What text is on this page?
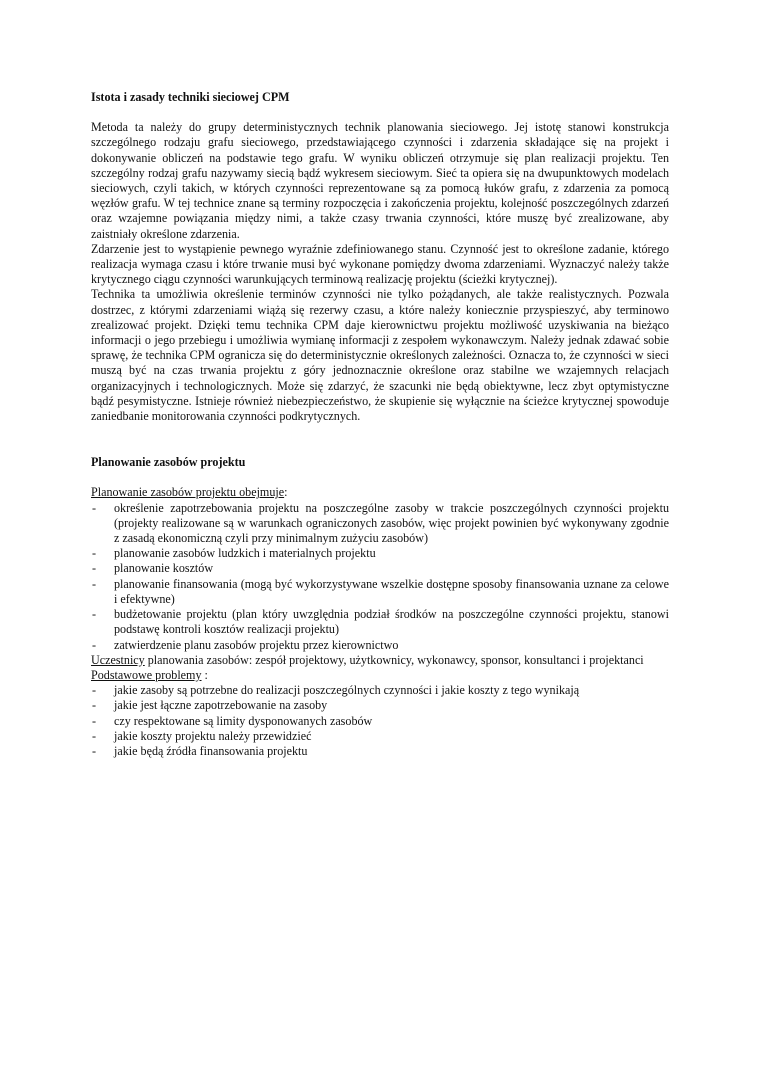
Istota i zasady techniki sieciowej CPM

Metoda ta należy do grupy deterministycznych technik planowania sieciowego. Jej istotę stanowi konstrukcja szczególnego rodzaju grafu sieciowego, przedstawiającego czynności i zdarzenia składające się na projekt i dokonywanie obliczeń na podstawie tego grafu. W wyniku obliczeń otrzymuje się plan realizacji projektu. Ten szczególny rodzaj grafu nazywamy siecią bądź wykresem sieciowym. Sieć ta opiera się na dwupunktowych modelach sieciowych, czyli takich, w których czynności reprezentowane są za pomocą łuków grafu, z zdarzenia za pomocą węzłów grafu. W tej technice znane są terminy rozpoczęcia i zakończenia projektu, kolejność poszczególnych zdarzeń oraz wzajemne powiązania między nimi, a także czasy trwania czynności, które muszę być zrealizowane, aby zaistniały określone zdarzenia.

Zdarzenie jest to wystąpienie pewnego wyraźnie zdefiniowanego stanu. Czynność jest to określone zadanie, którego realizacja wymaga czasu i które trwanie musi być wykonane pomiędzy dwoma zdarzeniami. Wyznaczyć należy także krytycznego ciągu czynności warunkujących terminową realizację projektu (ścieżki krytycznej).

Technika ta umożliwia określenie terminów czynności nie tylko pożądanych, ale także realistycznych. Pozwala dostrzec, z którymi zdarzeniami wiążą się rezerwy czasu, a które należy koniecznie przyspieszyć, aby terminowo zrealizować projekt. Dzięki temu technika CPM daje kierownictwu projektu możliwość uzyskiwania na bieżąco informacji o jego przebiegu i umożliwia wymianę informacji z zespołem wykonawczym. Należy jednak zdawać sobie sprawę, że technika CPM ogranicza się do deterministycznie określonych zależności. Oznacza to, że czynności w sieci muszą być na czas trwania projektu z góry jednoznacznie określone oraz stabilne we wzajemnych relacjach organizacyjnych i technologicznych. Może się zdarzyć, że szacunki nie będą obiektywne, lecz zbyt optymistyczne bądź pesymistyczne. Istnieje również niebezpieczeństwo, że skupienie się wyłącznie na ścieżce krytycznej spowoduje zaniedbanie monitorowania czynności podkrytycznych.

Planowanie zasobów projektu

Planowanie zasobów projektu obejmuje:

- określenie zapotrzebowania projektu na poszczególne zasoby w trakcie poszczególnych czynności projektu (projekty realizowane są w warunkach ograniczonych zasobów, więc projekt powinien być wykonywany zgodnie z zasadą ekonomiczną czyli przy minimalnym zużyciu zasobów)
- planowanie zasobów ludzkich i materialnych projektu
- planowanie kosztów
- planowanie finansowania (mogą być wykorzystywane wszelkie dostępne sposoby finansowania uznane za celowe i efektywne)
- budżetowanie projektu (plan który uwzględnia podział środków na poszczególne czynności projektu, stanowi podstawę kontroli kosztów realizacji projektu)
- zatwierdzenie planu zasobów projektu przez kierownictwo

Uczestnicy planowania zasobów: zespół projektowy, użytkownicy, wykonawcy, sponsor, konsultanci i projektanci

Podstawowe problemy :

- jakie zasoby są potrzebne do realizacji poszczególnych czynności i jakie koszty z tego wynikają
- jakie jest łączne zapotrzebowanie na zasoby
- czy respektowane są limity dysponowanych zasobów
- jakie koszty projektu należy przewidzieć
- jakie będą źródła finansowania projektu
